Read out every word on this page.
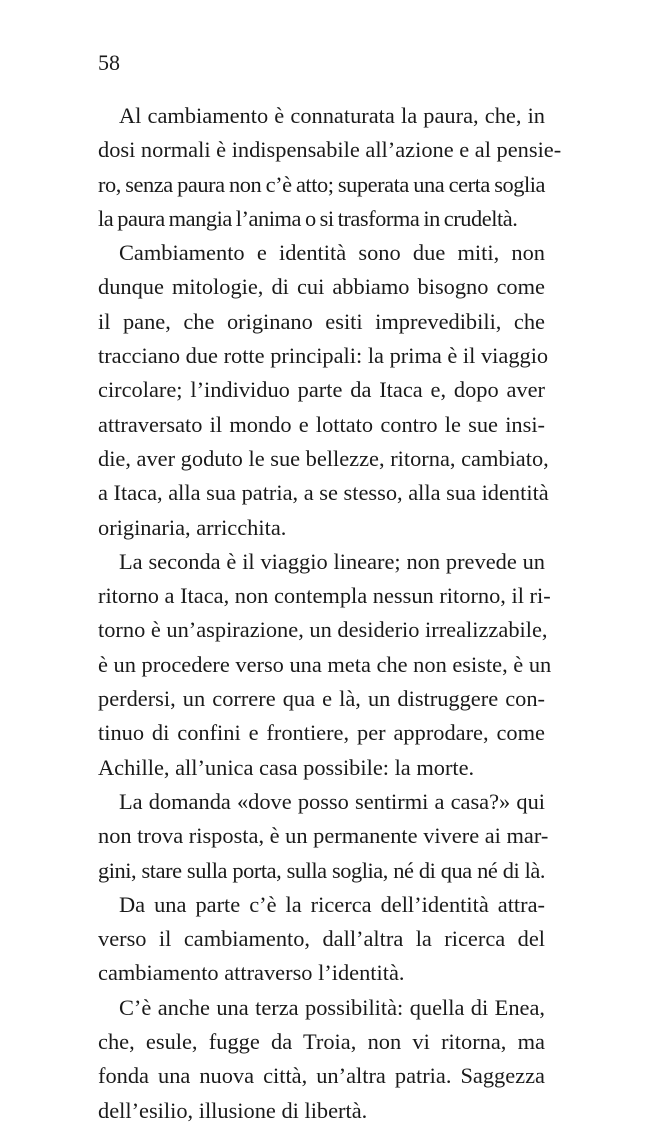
58
Al cambiamento è connaturata la paura, che, in
dosi normali è indispensabile all’azione e al pensie-
ro, senza paura non c’è atto; superata una certa soglia
la paura mangia l’anima o si trasforma in crudeltà.
Cambiamento e identità sono due miti, non
dunque mitologie, di cui abbiamo bisogno come
il pane, che originano esiti imprevedibili, che
tracciano due rotte principali: la prima è il viaggio
circolare; l’individuo parte da Itaca e, dopo aver
attraversato il mondo e lottato contro le sue insi-
die, aver goduto le sue bellezze, ritorna, cambiato,
a Itaca, alla sua patria, a se stesso, alla sua identità
originaria, arricchita.
La seconda è il viaggio lineare; non prevede un
ritorno a Itaca, non contempla nessun ritorno, il ri-
torno è un’aspirazione, un desiderio irrealizzabile,
è un procedere verso una meta che non esiste, è un
perdersi, un correre qua e là, un distruggere con-
tinuo di confini e frontiere, per approdare, come
Achille, all’unica casa possibile: la morte.
La domanda «dove posso sentirmi a casa?» qui
non trova risposta, è un permanente vivere ai mar-
gini, stare sulla porta, sulla soglia, né di qua né di là.
Da una parte c’è la ricerca dell’identità attra-
verso il cambiamento, dall’altra la ricerca del
cambiamento attraverso l’identità.
C’è anche una terza possibilità: quella di Enea,
che, esule, fugge da Troia, non vi ritorna, ma
fonda una nuova città, un’altra patria. Saggezza
dell’esilio, illusione di libertà.
